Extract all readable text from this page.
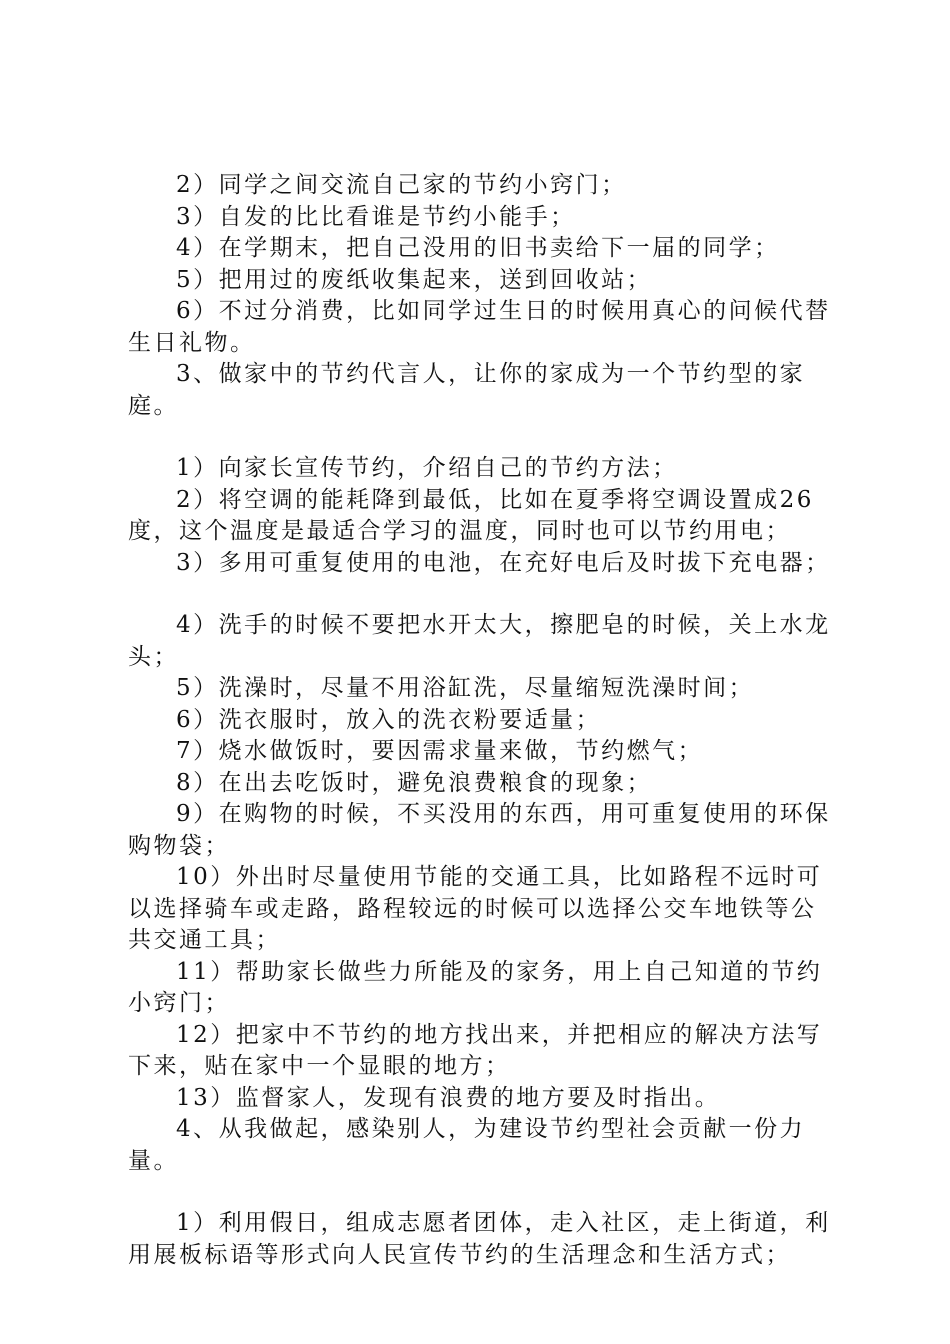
2）同学之间交流自己家的节约小窍门；

3）自发的比比看谁是节约小能手；

4）在学期末，把自己没用的旧书卖给下一届的同学；

5）把用过的废纸收集起来，送到回收站；

6）不过分消费，比如同学过生日的时候用真心的问候代替生日礼物。

3、做家中的节约代言人，让你的家成为一个节约型的家庭。

1）向家长宣传节约，介绍自己的节约方法；

2）将空调的能耗降到最低，比如在夏季将空调设置成26度，这个温度是最适合学习的温度，同时也可以节约用电；

3）多用可重复使用的电池，在充好电后及时拔下充电器；

4）洗手的时候不要把水开太大，擦肥皂的时候，关上水龙头；

5）洗澡时，尽量不用浴缸洗，尽量缩短洗澡时间；

6）洗衣服时，放入的洗衣粉要适量；

7）烧水做饭时，要因需求量来做，节约燃气；

8）在出去吃饭时，避免浪费粮食的现象；

9）在购物的时候，不买没用的东西，用可重复使用的环保购物袋；

10）外出时尽量使用节能的交通工具，比如路程不远时可以选择骑车或走路，路程较远的时候可以选择公交车地铁等公共交通工具；

11）帮助家长做些力所能及的家务，用上自己知道的节约小窍门；

12）把家中不节约的地方找出来，并把相应的解决方法写下来，贴在家中一个显眼的地方；

13）监督家人，发现有浪费的地方要及时指出。

4、从我做起，感染别人，为建设节约型社会贡献一份力量。

1）利用假日，组成志愿者团体，走入社区，走上街道，利用展板标语等形式向人民宣传节约的生活理念和生活方式；
